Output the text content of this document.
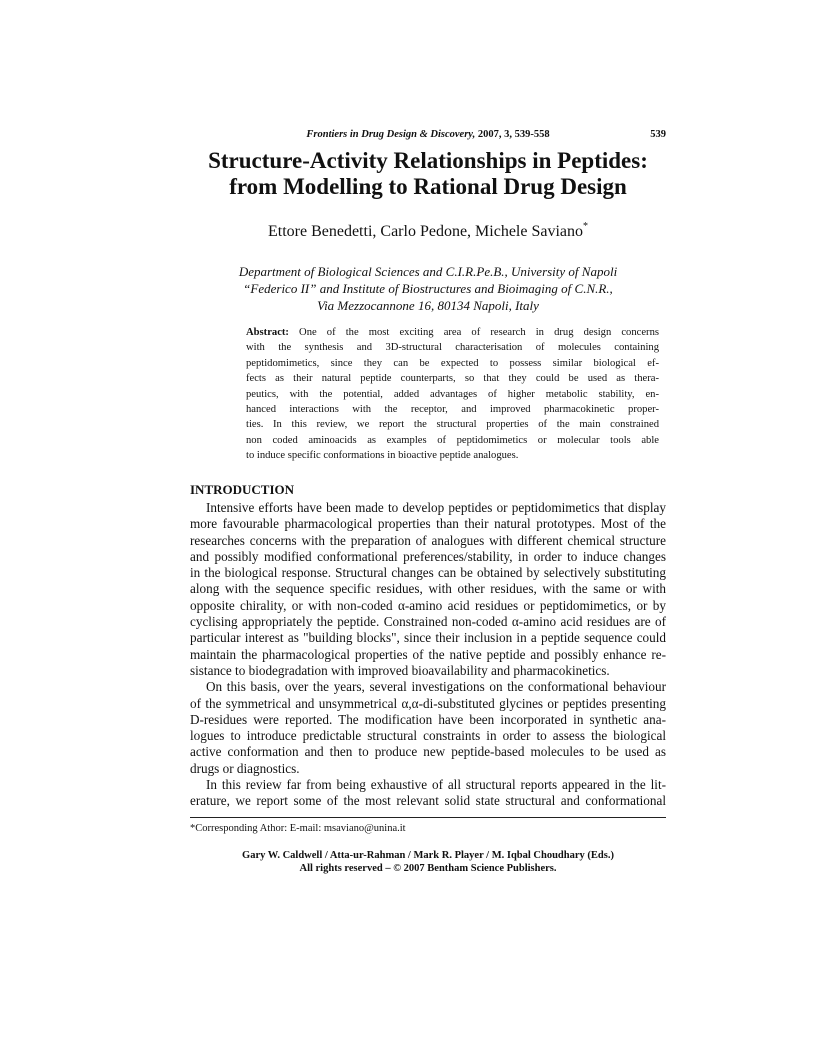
Frontiers in Drug Design & Discovery, 2007, 3, 539-558	539
Structure-Activity Relationships in Peptides:
from Modelling to Rational Drug Design
Ettore Benedetti, Carlo Pedone, Michele Saviano*
Department of Biological Sciences and C.I.R.Pe.B., University of Napoli
“Federico II” and Institute of Biostructures and Bioimaging of C.N.R.,
Via Mezzocannone 16, 80134 Napoli, Italy
Abstract: One of the most exciting area of research in drug design concerns
with the synthesis and 3D-structural characterisation of molecules containing
peptidomimetics, since they can be expected to possess similar biological ef-
fects as their natural peptide counterparts, so that they could be used as thera-
peutics, with the potential, added advantages of higher metabolic stability, en-
hanced interactions with the receptor, and improved pharmacokinetic proper-
ties. In this review, we report the structural properties of the main constrained
non coded aminoacids as examples of peptidomimetics or molecular tools able
to induce specific conformations in bioactive peptide analogues.
INTRODUCTION
Intensive efforts have been made to develop peptides or peptidomimetics that display
more favourable pharmacological properties than their natural prototypes. Most of the
researches concerns with the preparation of analogues with different chemical structure
and possibly modified conformational preferences/stability, in order to induce changes
in the biological response. Structural changes can be obtained by selectively substituting
along with the sequence specific residues, with other residues, with the same or with
opposite chirality, or with non-coded α-amino acid residues or peptidomimetics, or by
cyclising appropriately the peptide. Constrained non-coded α-amino acid residues are of
particular interest as "building blocks", since their inclusion in a peptide sequence could
maintain the pharmacological properties of the native peptide and possibly enhance re-
sistance to biodegradation with improved bioavailability and pharmacokinetics.
On this basis, over the years, several investigations on the conformational behaviour
of the symmetrical and unsymmetrical α,α-di-substituted glycines or peptides presenting
D-residues were reported. The modification have been incorporated in synthetic ana-
logues to introduce predictable structural constraints in order to assess the biological
active conformation and then to produce new peptide-based molecules to be used as
drugs or diagnostics.
In this review far from being exhaustive of all structural reports appeared in the lit-
erature, we report some of the most relevant solid state structural and conformational
*Corresponding Athor: E-mail: msaviano@unina.it
Gary W. Caldwell / Atta-ur-Rahman / Mark R. Player / M. Iqbal Choudhary (Eds.)
All rights reserved – © 2007 Bentham Science Publishers.
